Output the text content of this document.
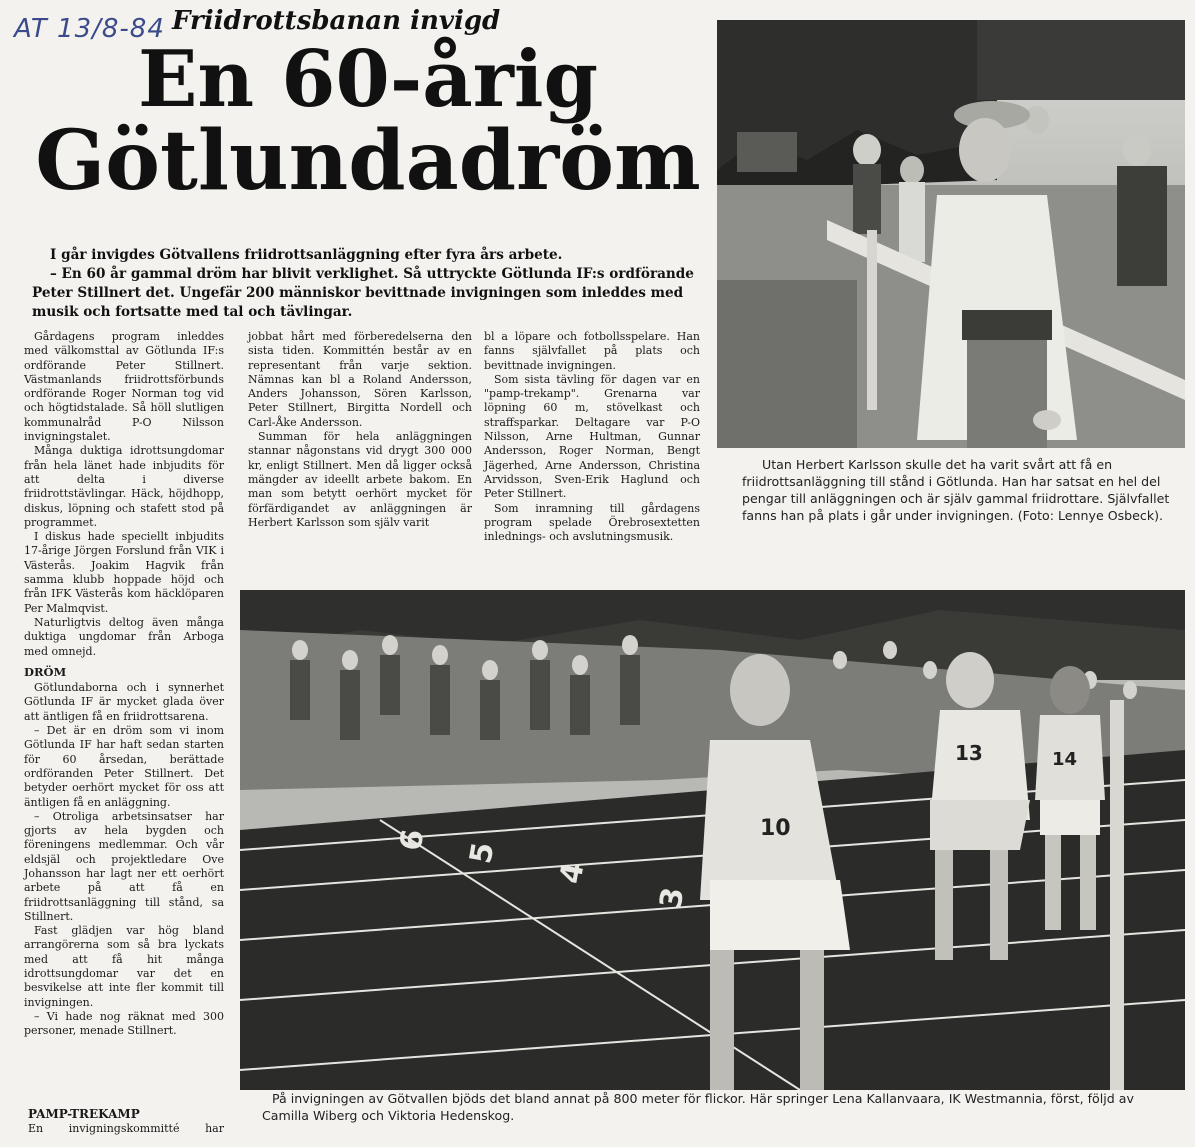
AT 13/8-84 Friidrottsbanan invigd
En 60-årig
Götlundadröm

I går invigdes Götvallens friidrottsanläggning efter fyra års arbete.

– En 60 år gammal dröm har blivit verklighet. Så uttryckte Götlunda IF:s ordförande Peter Stillnert det. Ungefär 200 människor bevittnade invigningen som inleddes med musik och fortsatte med tal och tävlingar.

Gårdagens program inleddes med välkomsttal av Götlunda IF:s ordförande Peter Stillnert. Västmanlands friidrottsförbunds ordförande Roger Norman tog vid och högtidstalade. Så höll slutligen kommunalråd P-O Nilsson invigningstalet.

Många duktiga idrottsungdomar från hela länet hade inbjudits för att delta i diverse friidrottstävlingar. Häck, höjdhopp, diskus, löpning och stafett stod på programmet.

I diskus hade speciellt inbjudits 17-årige Jörgen Forslund från VIK i Västerås. Joakim Hagvik från samma klubb hoppade höjd och från IFK Västerås kom häcklöparen Per Malmqvist.

Naturligtvis deltog även många duktiga ungdomar från Arboga med omnejd.

DRÖM

Götlundaborna och i synnerhet Götlunda IF är mycket glada över att äntligen få en friidrottsarena.

– Det är en dröm som vi inom Götlunda IF har haft sedan starten för 60 årsedan, berättade ordföranden Peter Stillnert. Det betyder oerhört mycket för oss att äntligen få en anläggning.

– Otroliga arbetsinsatser har gjorts av hela bygden och föreningens medlemmar. Och vår eldsjäl och projektledare Ove Johansson har lagt ner ett oerhört arbete på att få en friidrottsanläggning till stånd, sa Stillnert.

Fast glädjen var hög bland arrangörerna som så bra lyckats med att få hit många idrottsungdomar var det en besvikelse att inte fler kommit till invigningen.

– Vi hade nog räknat med 300 personer, menade Stillnert.

PAMP-TREKAMP
En invigningskommitté har

jobbat hårt med förberedelserna den sista tiden. Kommittén består av en representant från varje sektion. Nämnas kan bl a Roland Andersson, Anders Johansson, Sören Karlsson, Peter Stillnert, Birgitta Nordell och Carl-Åke Andersson.

Summan för hela anläggningen stannar någonstans vid drygt 300 000 kr, enligt Stillnert. Men då ligger också mängder av ideellt arbete bakom. En man som betytt oerhört mycket för förfärdigandet av anläggningen är Herbert Karlsson som själv varit

bl a löpare och fotbollsspelare. Han fanns självfallet på plats och bevittnade invigningen.

Som sista tävling för dagen var en "pamp-trekamp". Grenarna var löpning 60 m, stövelkast och straffsparkar. Deltagare var P-O Nilsson, Arne Hultman, Gunnar Andersson, Roger Norman, Bengt Jägerhed, Arne Andersson, Christina Arvidsson, Sven-Erik Haglund och Peter Stillnert.

Som inramning till gårdagens program spelade Örebrosextetten inlednings- och avslutningsmusik.

Utan Herbert Karlsson skulle det ha varit svårt att få en friidrottsanläggning till stånd i Götlunda. Han har satsat en hel del pengar till anläggningen och är själv gammal friidrottare. Självfallet fanns han på plats i går under invigningen. (Foto: Lennye Osbeck).
6 5
4
3
10
13	14
På invigningen av Götvallen bjöds det bland annat på 800 meter för flickor. Här springer Lena Kallanvaara, IK Westmannia, först, följd av Camilla Wiberg och Viktoria Hedenskog.
